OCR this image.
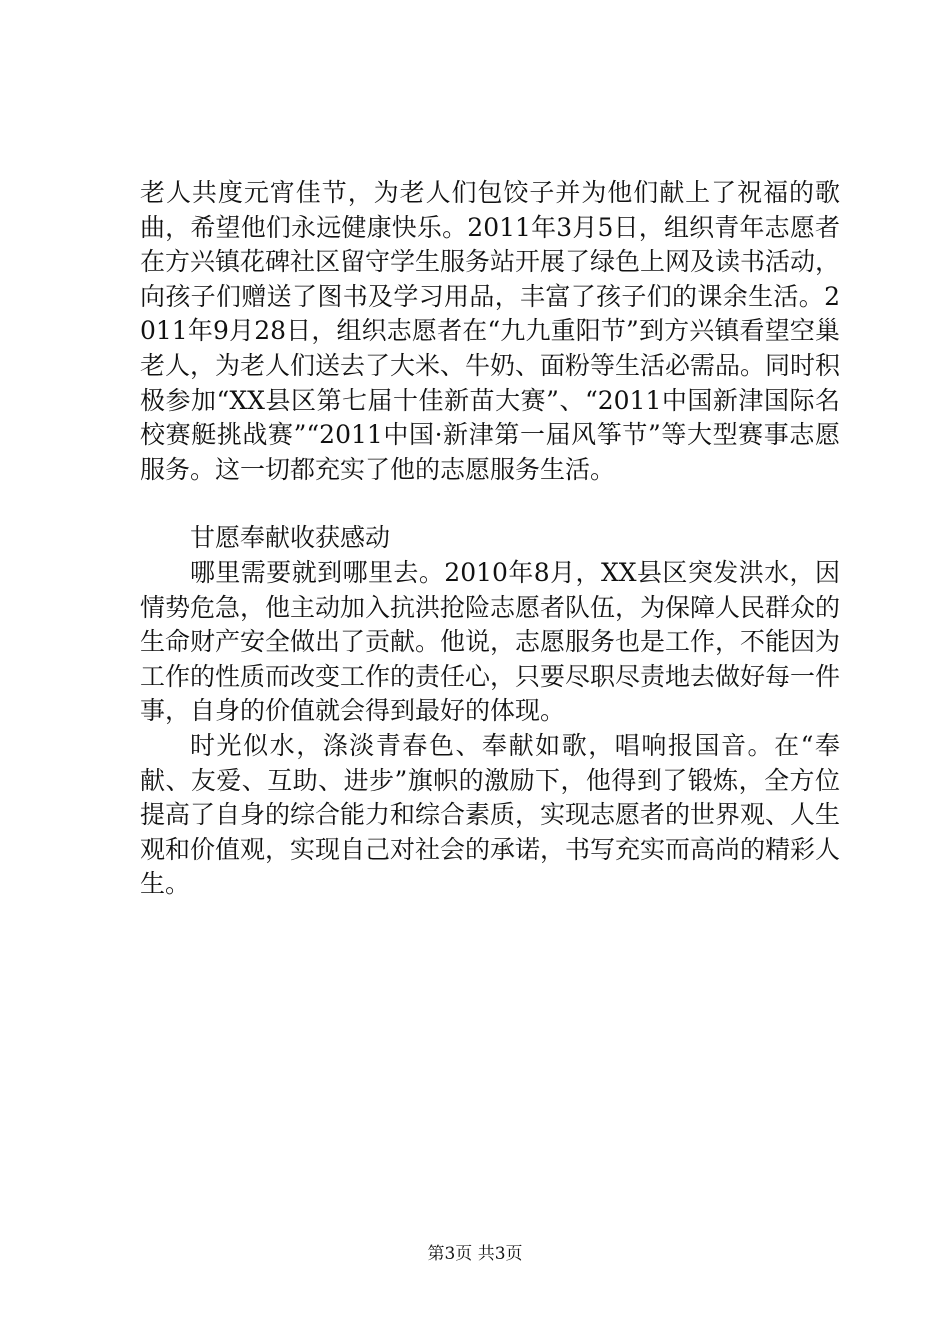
老人共度元宵佳节，为老人们包饺子并为他们献上了祝福的歌曲，希望他们永远健康快乐。2011年3月5日，组织青年志愿者在方兴镇花碑社区留守学生服务站开展了绿色上网及读书活动，向孩子们赠送了图书及学习用品，丰富了孩子们的课余生活。2011年9月28日，组织志愿者在“九九重阳节”到方兴镇看望空巢老人，为老人们送去了大米、牛奶、面粉等生活必需品。同时积极参加“XX县区第七届十佳新苗大赛”、“2011中国新津国际名校赛艇挑战赛”“2011中国·新津第一届风筝节”等大型赛事志愿服务。这一切都充实了他的志愿服务生活。

甘愿奉献收获感动

哪里需要就到哪里去。2010年8月，XX县区突发洪水，因情势危急，他主动加入抗洪抢险志愿者队伍，为保障人民群众的生命财产安全做出了贡献。他说，志愿服务也是工作，不能因为工作的性质而改变工作的责任心，只要尽职尽责地去做好每一件事，自身的价值就会得到最好的体现。

时光似水，涤淡青春色、奉献如歌，唱响报国音。在“奉献、友爱、互助、进步”旗帜的激励下，他得到了锻炼，全方位提高了自身的综合能力和综合素质，实现志愿者的世界观、人生观和价值观，实现自己对社会的承诺，书写充实而高尚的精彩人生。

第3页 共3页
